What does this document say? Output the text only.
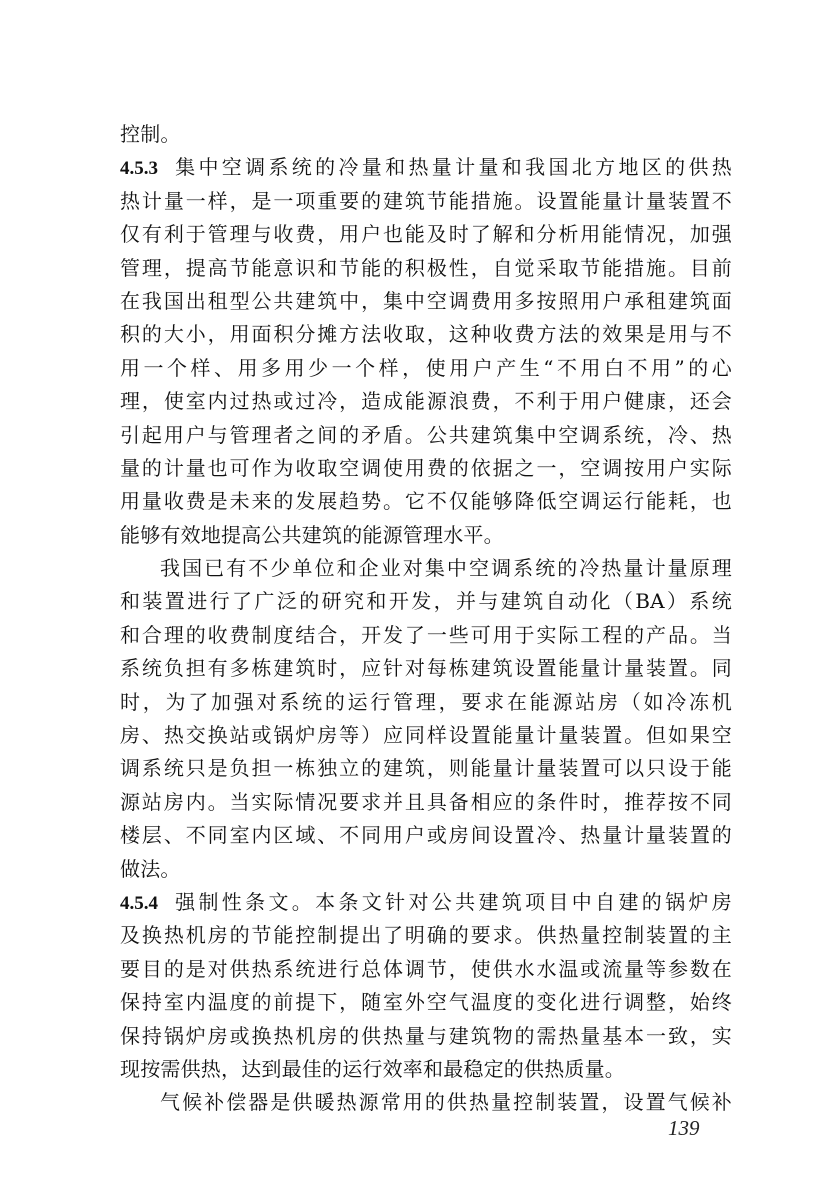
控制。
4.5.3 集中空调系统的冷量和热量计量和我国北方地区的供热
热计量一样，是一项重要的建筑节能措施。设置能量计量装置不
仅有利于管理与收费，用户也能及时了解和分析用能情况，加强
管理，提高节能意识和节能的积极性，自觉采取节能措施。目前
在我国出租型公共建筑中，集中空调费用多按照用户承租建筑面
积的大小，用面积分摊方法收取，这种收费方法的效果是用与不
用一个样、用多用少一个样，使用户产生“不用白不用”的心
理，使室内过热或过冷，造成能源浪费，不利于用户健康，还会
引起用户与管理者之间的矛盾。公共建筑集中空调系统，冷、热
量的计量也可作为收取空调使用费的依据之一，空调按用户实际
用量收费是未来的发展趋势。它不仅能够降低空调运行能耗，也
能够有效地提高公共建筑的能源管理水平。
我国已有不少单位和企业对集中空调系统的冷热量计量原理
和装置进行了广泛的研究和开发，并与建筑自动化（BA）系统
和合理的收费制度结合，开发了一些可用于实际工程的产品。当
系统负担有多栋建筑时，应针对每栋建筑设置能量计量装置。同
时，为了加强对系统的运行管理，要求在能源站房（如冷冻机
房、热交换站或锅炉房等）应同样设置能量计量装置。但如果空
调系统只是负担一栋独立的建筑，则能量计量装置可以只设于能
源站房内。当实际情况要求并且具备相应的条件时，推荐按不同
楼层、不同室内区域、不同用户或房间设置冷、热量计量装置的
做法。
4.5.4 强制性条文。本条文针对公共建筑项目中自建的锅炉房
及换热机房的节能控制提出了明确的要求。供热量控制装置的主
要目的是对供热系统进行总体调节，使供水水温或流量等参数在
保持室内温度的前提下，随室外空气温度的变化进行调整，始终
保持锅炉房或换热机房的供热量与建筑物的需热量基本一致，实
现按需供热，达到最佳的运行效率和最稳定的供热质量。
气候补偿器是供暖热源常用的供热量控制装置，设置气候补
139
